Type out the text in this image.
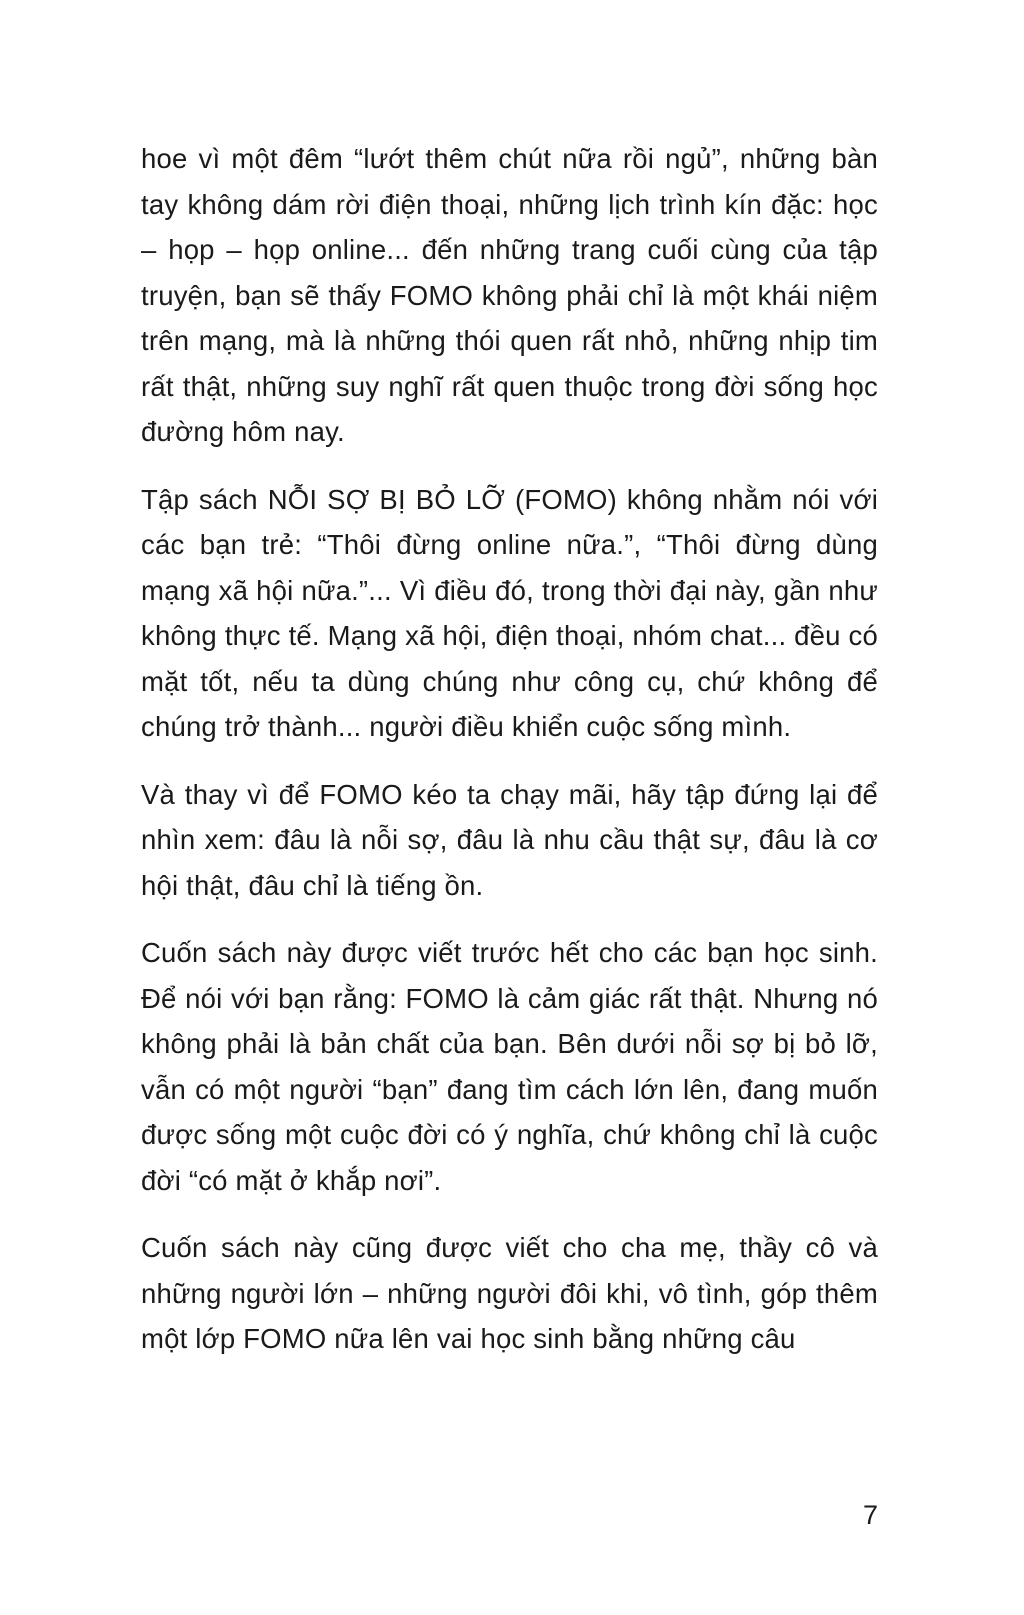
hoe vì một đêm “lướt thêm chút nữa rồi ngủ”, những bàn tay không dám rời điện thoại, những lịch trình kín đặc: học – họp – họp online... đến những trang cuối cùng của tập truyện, bạn sẽ thấy FOMO không phải chỉ là một khái niệm trên mạng, mà là những thói quen rất nhỏ, những nhịp tim rất thật, những suy nghĩ rất quen thuộc trong đời sống học đường hôm nay.

Tập sách NỖI SỢ BỊ BỎ LỠ (FOMO) không nhằm nói với các bạn trẻ: “Thôi đừng online nữa.”, “Thôi đừng dùng mạng xã hội nữa.”... Vì điều đó, trong thời đại này, gần như không thực tế. Mạng xã hội, điện thoại, nhóm chat... đều có mặt tốt, nếu ta dùng chúng như công cụ, chứ không để chúng trở thành... người điều khiển cuộc sống mình.

Và thay vì để FOMO kéo ta chạy mãi, hãy tập đứng lại để nhìn xem: đâu là nỗi sợ, đâu là nhu cầu thật sự, đâu là cơ hội thật, đâu chỉ là tiếng ồn.

Cuốn sách này được viết trước hết cho các bạn học sinh. Để nói với bạn rằng: FOMO là cảm giác rất thật. Nhưng nó không phải là bản chất của bạn. Bên dưới nỗi sợ bị bỏ lỡ, vẫn có một người “bạn” đang tìm cách lớn lên, đang muốn được sống một cuộc đời có ý nghĩa, chứ không chỉ là cuộc đời “có mặt ở khắp nơi”.

Cuốn sách này cũng được viết cho cha mẹ, thầy cô và những người lớn – những người đôi khi, vô tình, góp thêm một lớp FOMO nữa lên vai học sinh bằng những câu

7
